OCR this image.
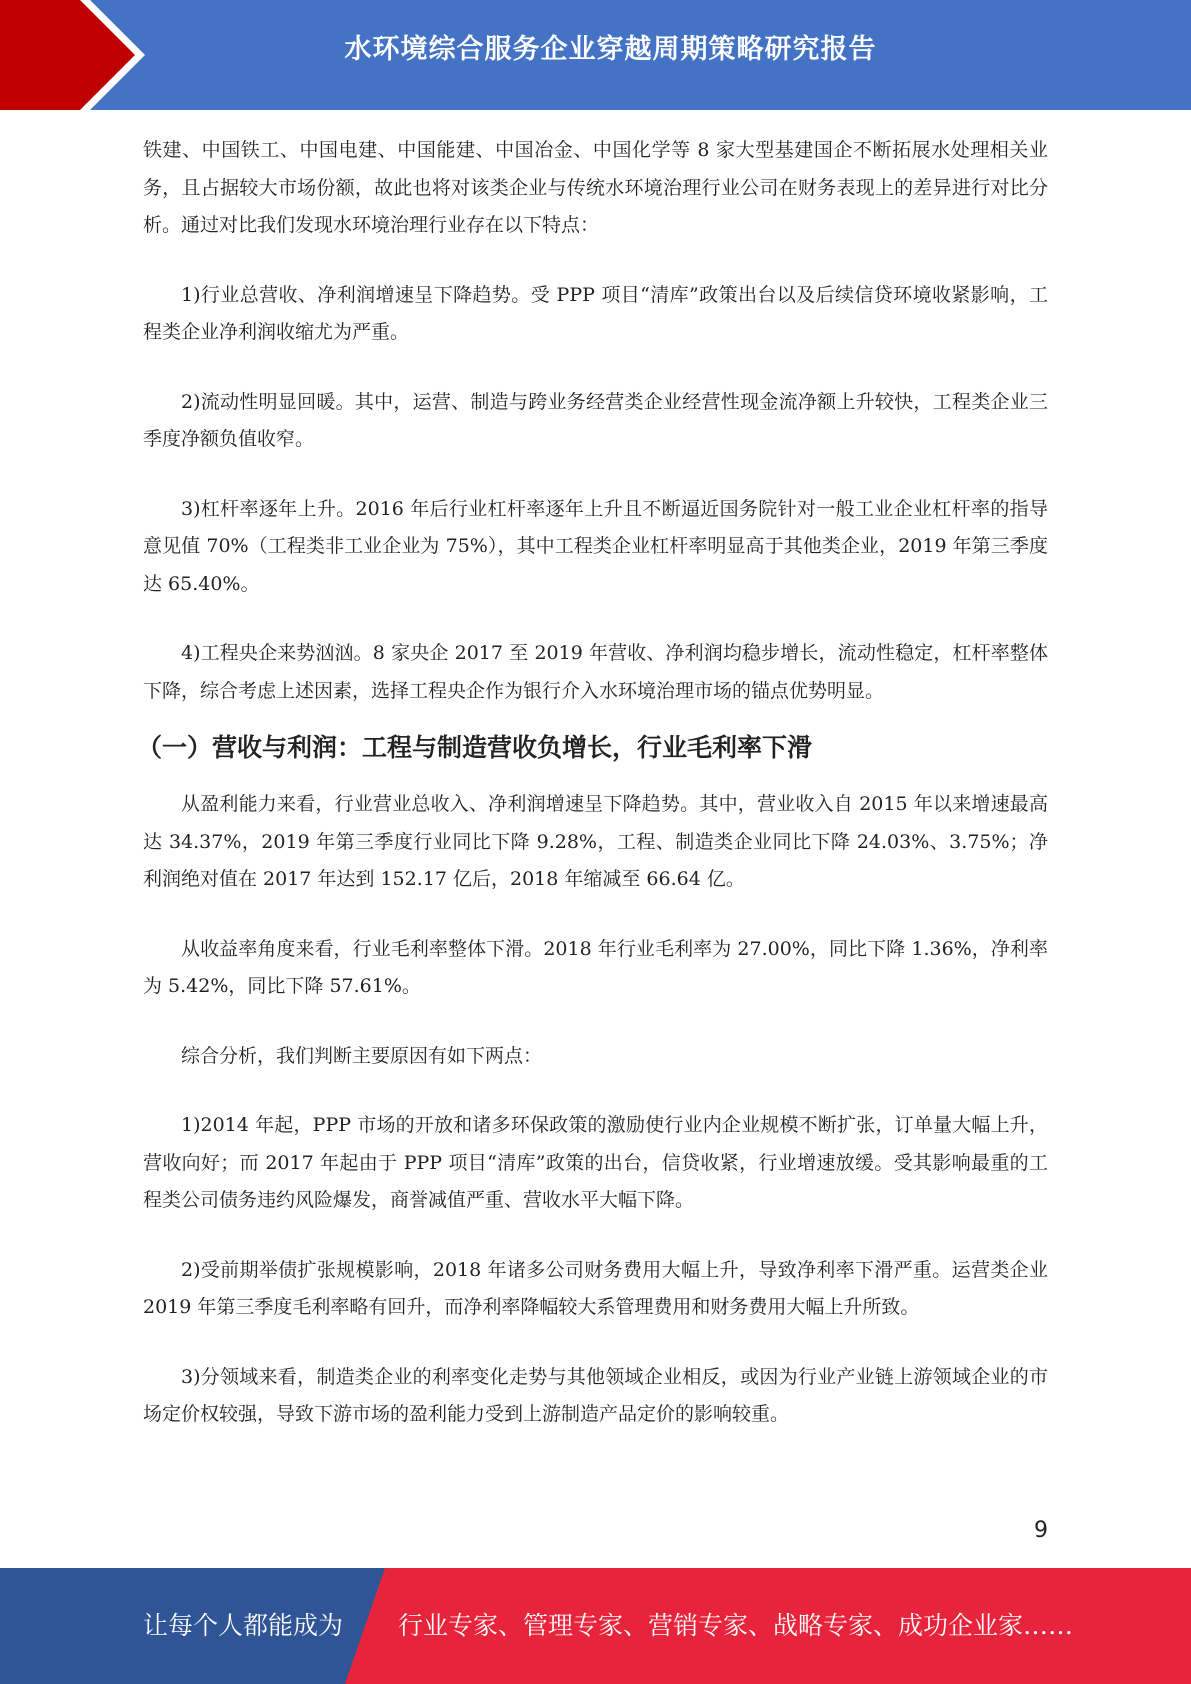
水环境综合服务企业穿越周期策略研究报告

铁建、中国铁工、中国电建、中国能建、中国冶金、中国化学等 8 家大型基建国企不断拓展水处理相关业务，且占据较大市场份额，故此也将对该类企业与传统水环境治理行业公司在财务表现上的差异进行对比分析。通过对比我们发现水环境治理行业存在以下特点：

1)行业总营收、净利润增速呈下降趋势。受 PPP 项目“清库”政策出台以及后续信贷环境收紧影响，工程类企业净利润收缩尤为严重。

2)流动性明显回暖。其中，运营、制造与跨业务经营类企业经营性现金流净额上升较快，工程类企业三季度净额负值收窄。

3)杠杆率逐年上升。2016 年后行业杠杆率逐年上升且不断逼近国务院针对一般工业企业杠杆率的指导意见值 70%（工程类非工业企业为 75%），其中工程类企业杠杆率明显高于其他类企业，2019 年第三季度达 65.40%。

4)工程央企来势汹汹。8 家央企 2017 至 2019 年营收、净利润均稳步增长，流动性稳定，杠杆率整体下降，综合考虑上述因素，选择工程央企作为银行介入水环境治理市场的锚点优势明显。

（一）营收与利润：工程与制造营收负增长，行业毛利率下滑

从盈利能力来看，行业营业总收入、净利润增速呈下降趋势。其中，营业收入自 2015 年以来增速最高达 34.37%，2019 年第三季度行业同比下降 9.28%，工程、制造类企业同比下降 24.03%、3.75%；净利润绝对值在 2017 年达到 152.17 亿后，2018 年缩减至 66.64 亿。

从收益率角度来看，行业毛利率整体下滑。2018 年行业毛利率为 27.00%，同比下降 1.36%，净利率为 5.42%，同比下降 57.61%。

综合分析，我们判断主要原因有如下两点：

1)2014 年起，PPP 市场的开放和诸多环保政策的激励使行业内企业规模不断扩张，订单量大幅上升，营收向好；而 2017 年起由于 PPP 项目“清库”政策的出台，信贷收紧，行业增速放缓。受其影响最重的工程类公司债务违约风险爆发，商誉减值严重、营收水平大幅下降。

2)受前期举债扩张规模影响，2018 年诸多公司财务费用大幅上升，导致净利率下滑严重。运营类企业 2019 年第三季度毛利率略有回升，而净利率降幅较大系管理费用和财务费用大幅上升所致。

3)分领域来看，制造类企业的利率变化走势与其他领域企业相反，或因为行业产业链上游领域企业的市场定价权较强，导致下游市场的盈利能力受到上游制造产品定价的影响较重。

9
让每个人都能成为 行业专家、管理专家、营销专家、战略专家、成功企业家……
